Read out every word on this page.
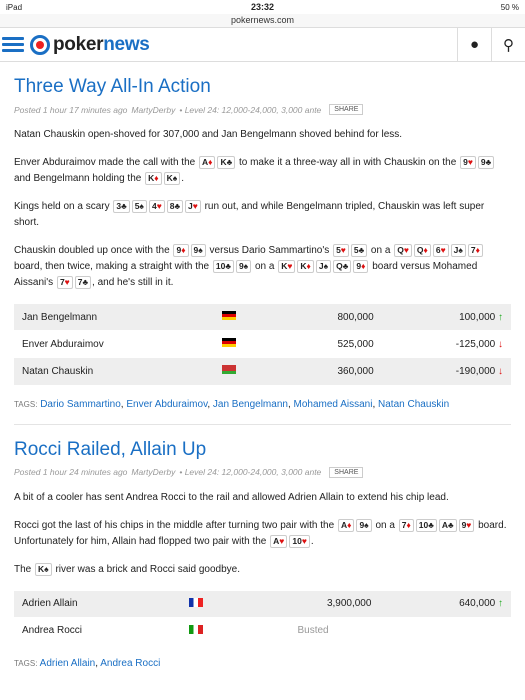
iPad	23:32	50 %
pokernews.com
poker news	●	⚲
Three Way All-In Action
Posted 1 hour 17 minutes ago MartyDerby • Level 24: 12,000-24,000, 3,000 ante	SHARE

Natan Chauskin open-shoved for 307,000 and Jan Bengelmann shoved behind for less.

Enver Abduraimov made the call with the A♦ K♣ to make it a three-way all in with Chauskin on the 9♥ 9♣ and Bengelmann holding the K♦ K♠ .

Kings held on a scary 3♣ 5♠ 4♥ 8♣ J♥ run out, and while Bengelmann tripled, Chauskin was left super short.

Chauskin doubled up once with the 9♦ 9♠ versus Dario Sammartino's 5♥ 5♣ on a Q♥ Q♦ 6♥ J♠ 7♦ board, then twice, making a straight with the 10♣ 9♠ on a K♥ K♦ J♠ Q♣ 9♦ board versus Mohamed Aissani's 7♥ 7♣ , and he's still in it.

Jan Bengelmann		800,000	100,000 ↑
Enver Abduraimov		525,000	-125,000 ↓
Natan Chauskin		360,000	-190,000 ↓
TAGS: Dario Sammartino, Enver Abduraimov, Jan Bengelmann, Mohamed Aissani, Natan Chauskin
Rocci Railed, Allain Up
Posted 1 hour 24 minutes ago MartyDerby • Level 24: 12,000-24,000, 3,000 ante	SHARE

A bit of a cooler has sent Andrea Rocci to the rail and allowed Adrien Allain to extend his chip lead.

Rocci got the last of his chips in the middle after turning two pair with the A♦ 9♠ on a 7♦ 10♣ A♣ 9♥ board. Unfortunately for him, Allain had flopped two pair with the A♥ 10♥ .

The K♠ river was a brick and Rocci said goodbye.

Adrien Allain		3,900,000	640,000 ↑
Andrea Rocci		Busted	
TAGS: Adrien Allain, Andrea Rocci
